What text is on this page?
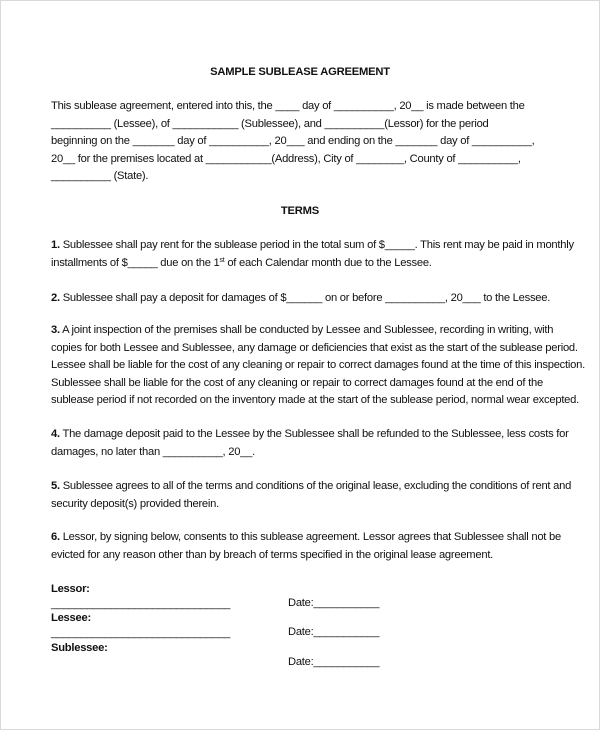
SAMPLE SUBLEASE AGREEMENT
This sublease agreement, entered into this, the ____ day of __________, 20__ is made between the
__________ (Lessee), of ___________ (Sublessee), and __________(Lessor) for the period
beginning on the _______ day of __________, 20___ and ending on the _______ day of __________,
20__ for the premises located at ___________(Address), City of ________, County of __________,
__________ (State).
TERMS
1. Sublessee shall pay rent for the sublease period in the total sum of $_____. This rent may be paid in monthly
installments of $_____ due on the 1st of each Calendar month due to the Lessee.
2. Sublessee shall pay a deposit for damages of $______ on or before __________, 20___ to the Lessee.
3. A joint inspection of the premises shall be conducted by Lessee and Sublessee, recording in writing, with
copies for both Lessee and Sublessee, any damage or deficiencies that exist as the start of the sublease period.
Lessee shall be liable for the cost of any cleaning or repair to correct damages found at the time of this inspection.
Sublessee shall be liable for the cost of any cleaning or repair to correct damages found at the end of the
sublease period if not recorded on the inventory made at the start of the sublease period, normal wear excepted.
4. The damage deposit paid to the Lessee by the Sublessee shall be refunded to the Sublessee, less costs for
damages, no later than __________, 20__.
5. Sublessee agrees to all of the terms and conditions of the original lease, excluding the conditions of rent and
security deposit(s) provided therein.
6. Lessor, by signing below, consents to this sublease agreement. Lessor agrees that Sublessee shall not be
evicted for any reason other than by breach of terms specified in the original lease agreement.
Lessor:
______________________________	Date:___________
Lessee:
______________________________	Date:___________
Sublessee:
Date:___________
